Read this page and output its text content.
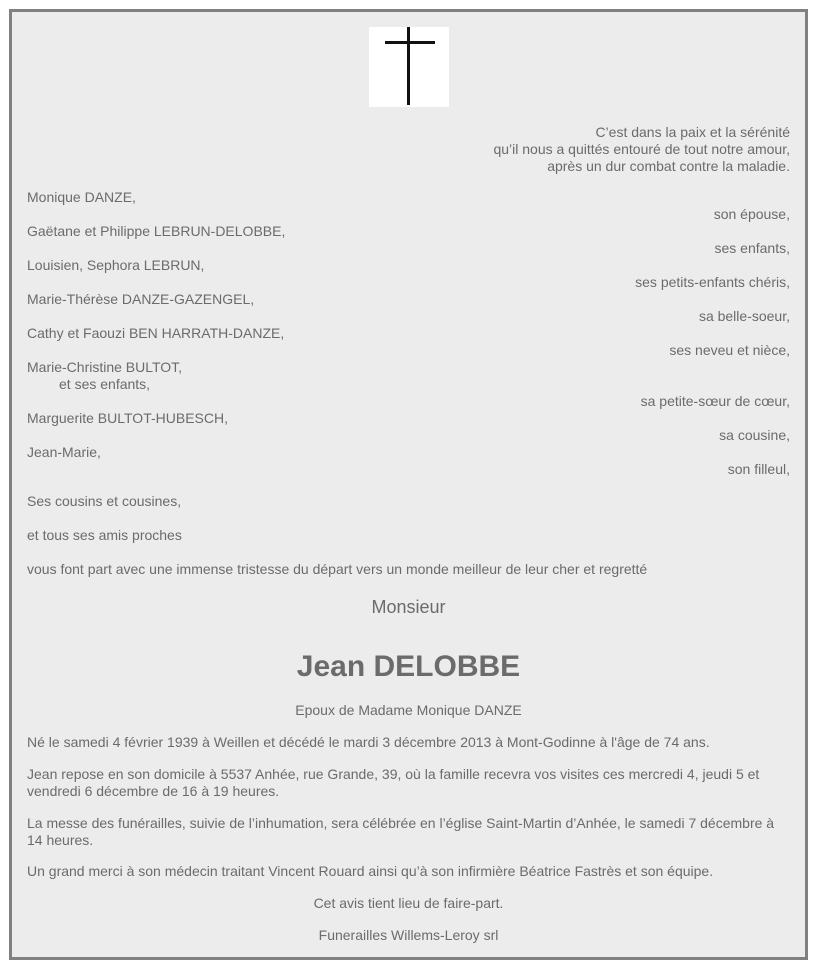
C’est dans la paix et la sérénité
qu’il nous a quittés entouré de tout notre amour,
après un dur combat contre la maladie.
Monique DANZE,
son épouse,
Gaëtane et Philippe LEBRUN-DELOBBE,
ses enfants,
Louisien, Sephora LEBRUN,
ses petits-enfants chéris,
Marie-Thérèse DANZE-GAZENGEL,
sa belle-soeur,
Cathy et Faouzi BEN HARRATH-DANZE,
ses neveu et nièce,
Marie-Christine BULTOT,
et ses enfants,
sa petite-sœur de cœur,
Marguerite BULTOT-HUBESCH,
sa cousine,
Jean-Marie,
son filleul,
Ses cousins et cousines,
et tous ses amis proches
vous font part avec une immense tristesse du départ vers un monde meilleur de leur cher et regretté
Monsieur
Jean DELOBBE
Epoux de Madame Monique DANZE
Né le samedi 4 février 1939 à Weillen et décédé le mardi 3 décembre 2013 à Mont-Godinne à l'âge de 74 ans.
Jean repose en son domicile à 5537 Anhée, rue Grande, 39, où la famille recevra vos visites ces mercredi 4, jeudi 5 et vendredi 6 décembre de 16 à 19 heures.
La messe des funérailles, suivie de l’inhumation, sera célébrée en l’église Saint-Martin d’Anhée, le samedi 7 décembre à 14 heures.
Un grand merci à son médecin traitant Vincent Rouard ainsi qu’à son infirmière Béatrice Fastrès et son équipe.
Cet avis tient lieu de faire-part.
Funerailles Willems-Leroy srl
